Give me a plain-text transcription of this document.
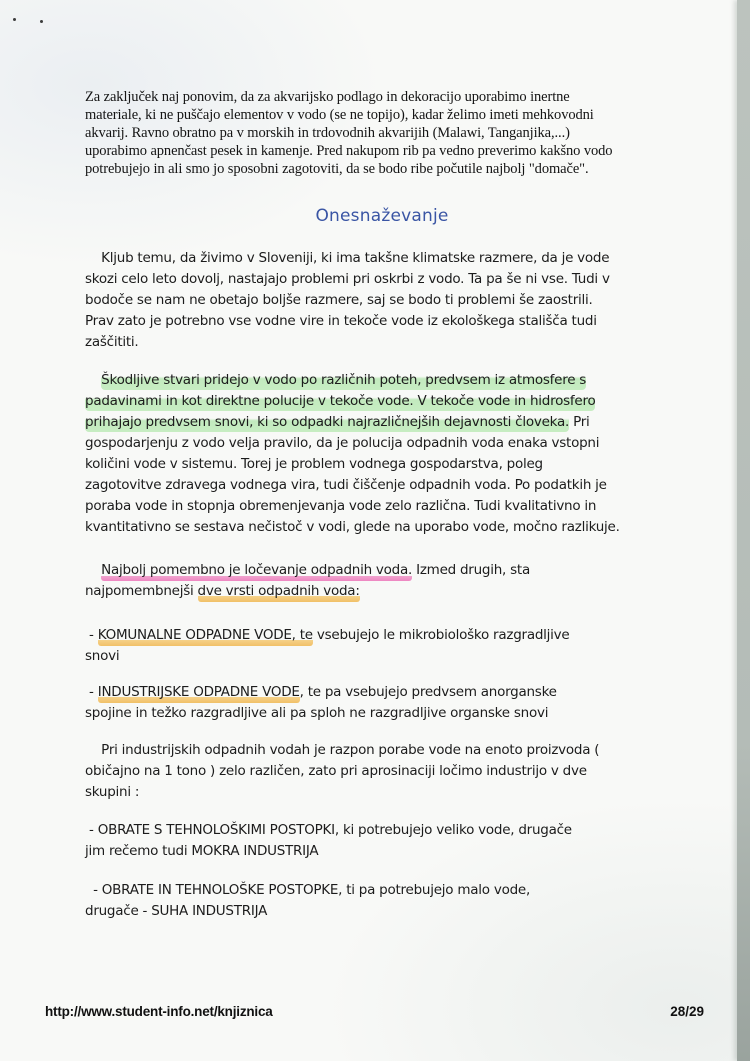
Za zaključek naj ponovim, da za akvarijsko podlago in dekoracijo uporabimo inertne
materiale, ki ne puščajo elementov v vodo (se ne topijo), kadar želimo imeti mehkovodni
akvarij. Ravno obratno pa v morskih in trdovodnih akvarijih (Malawi, Tanganjika,...)
uporabimo apnenčast pesek in kamenje. Pred nakupom rib pa vedno preverimo kakšno vodo
potrebujejo in ali smo jo sposobni zagotoviti, da se bodo ribe počutile najbolj "domače".
Onesnaževanje
Kljub temu, da živimo v Sloveniji, ki ima takšne klimatske razmere, da je vode
skozi celo leto dovolj, nastajajo problemi pri oskrbi z vodo. Ta pa še ni vse. Tudi v
bodoče se nam ne obetajo boljše razmere, saj se bodo ti problemi še zaostrili.
Prav zato je potrebno vse vodne vire in tekoče vode iz ekološkega stališča tudi
zaščititi.
Škodljive stvari pridejo v vodo po različnih poteh, predvsem iz atmosfere s
padavinami in kot direktne polucije v tekoče vode. V tekoče vode in hidrosfero
prihajajo predvsem snovi, ki so odpadki najrazličnejših dejavnosti človeka. Pri
gospodarjenju z vodo velja pravilo, da je polucija odpadnih voda enaka vstopni
količini vode v sistemu. Torej je problem vodnega gospodarstva, poleg
zagotovitve zdravega vodnega vira, tudi čiščenje odpadnih voda. Po podatkih je
poraba vode in stopnja obremenjevanja vode zelo različna. Tudi kvalitativno in
kvantitativno se sestava nečistoč v vodi, glede na uporabo vode, močno razlikuje.
Najbolj pomembno je ločevanje odpadnih voda. Izmed drugih, sta
najpomembnejši dve vrsti odpadnih voda:
- KOMUNALNE ODPADNE VODE, te vsebujejo le mikrobiološko razgradljive
snovi
- INDUSTRIJSKE ODPADNE VODE, te pa vsebujejo predvsem anorganske
spojine in težko razgradljive ali pa sploh ne razgradljive organske snovi
Pri industrijskih odpadnih vodah je razpon porabe vode na enoto proizvoda (
običajno na 1 tono ) zelo različen, zato pri aprosinaciji ločimo industrijo v dve
skupini :
- OBRATE S TEHNOLOŠKIMI POSTOPKI, ki potrebujejo veliko vode, drugače
jim rečemo tudi MOKRA INDUSTRIJA
- OBRATE IN TEHNOLOŠKE POSTOPKE, ti pa potrebujejo malo vode,
drugače - SUHA INDUSTRIJA
http://www.student-info.net/knjiznica	28/29
